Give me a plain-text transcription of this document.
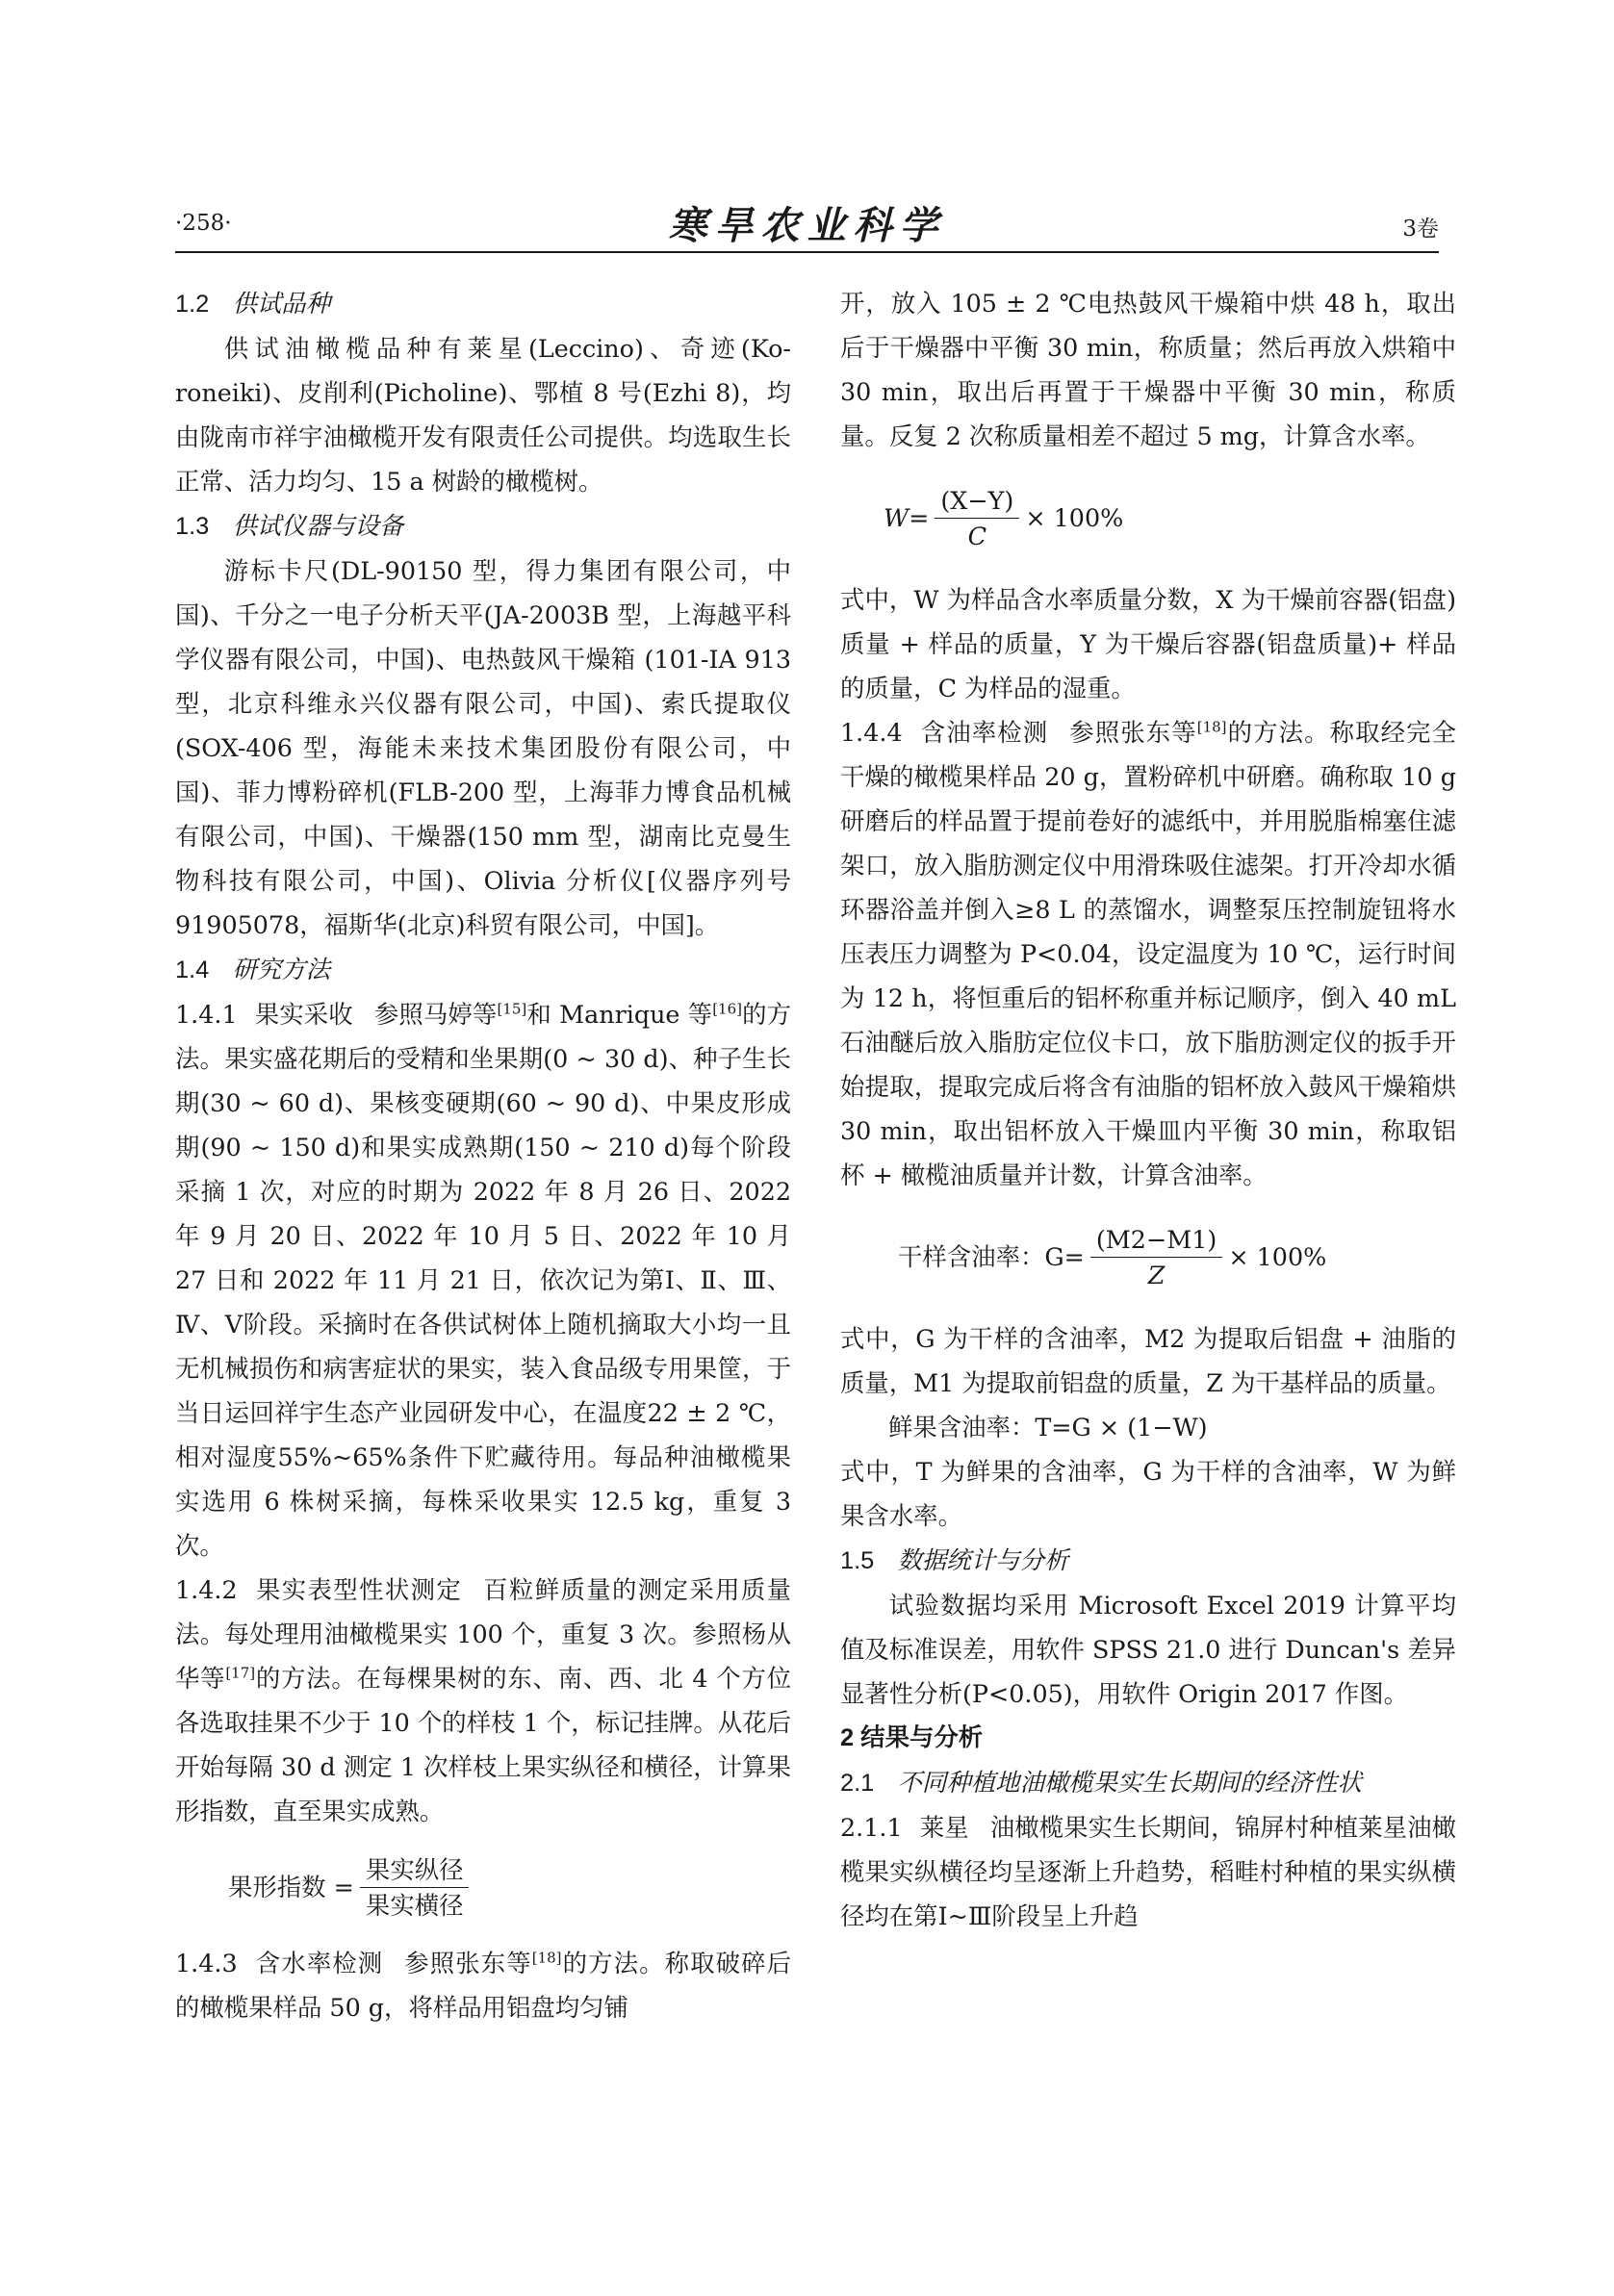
·258·	寒旱农业科学	3卷

1.2 供试品种

供试油橄榄品种有莱星(Leccino)、奇迹(Ko-roneiki)、皮削利(Picholine)、鄂植 8 号(Ezhi 8)，均由陇南市祥宇油橄榄开发有限责任公司提供。均选取生长正常、活力均匀、15 a 树龄的橄榄树。

1.3 供试仪器与设备

游标卡尺(DL-90150 型，得力集团有限公司，中国)、千分之一电子分析天平(JA-2003B 型，上海越平科学仪器有限公司，中国)、电热鼓风干燥箱 (101-IA 913 型，北京科维永兴仪器有限公司，中国)、索氏提取仪(SOX-406 型，海能未来技术集团股份有限公司，中国)、菲力博粉碎机(FLB-200 型，上海菲力博食品机械有限公司，中国)、干燥器(150 mm 型，湖南比克曼生物科技有限公司，中国)、Olivia 分析仪[仪器序列号 91905078，福斯华(北京)科贸有限公司，中国]。

1.4 研究方法

1.4.1 果实采收 参照马婷等[15]和 Manrique 等[16]的方法。果实盛花期后的受精和坐果期(0 ~ 30 d)、种子生长期(30 ~ 60 d)、果核变硬期(60 ~ 90 d)、中果皮形成期(90 ~ 150 d)和果实成熟期(150 ~ 210 d)每个阶段采摘 1 次，对应的时期为 2022 年 8 月 26 日、2022 年 9 月 20 日、2022 年 10 月 5 日、2022 年 10 月 27 日和 2022 年 11 月 21 日，依次记为第Ⅰ、Ⅱ、Ⅲ、Ⅳ、Ⅴ阶段。采摘时在各供试树体上随机摘取大小均一且无机械损伤和病害症状的果实，装入食品级专用果筐，于当日运回祥宇生态产业园研发中心，在温度22 ± 2 ℃，相对湿度55%~65%条件下贮藏待用。每品种油橄榄果实选用 6 株树采摘，每株采收果实 12.5 kg，重复 3 次。

1.4.2 果实表型性状测定 百粒鲜质量的测定采用质量法。每处理用油橄榄果实 100 个，重复 3 次。参照杨从华等[17]的方法。在每棵果树的东、南、西、北 4 个方位各选取挂果不少于 10 个的样枝 1 个，标记挂牌。从花后开始每隔 30 d 测定 1 次样枝上果实纵径和横径，计算果形指数，直至果实成熟。

果形指数 = $\frac{\text{果实纵径}}{\text{果实横径}}$

1.4.3 含水率检测 参照张东等[18]的方法。称取破碎后的橄榄果样品 50 g，将样品用铝盘均匀铺

开，放入 105 ± 2 ℃电热鼓风干燥箱中烘 48 h，取出后于干燥器中平衡 30 min，称质量；然后再放入烘箱中 30 min，取出后再置于干燥器中平衡 30 min，称质量。反复 2 次称质量相差不超过 5 mg，计算含水率。

$W= \frac{(X-Y)}{C} \times 100\%$

式中，W 为样品含水率质量分数，X 为干燥前容器(铝盘)质量 + 样品的质量，Y 为干燥后容器(铝盘质量)+ 样品的质量，C 为样品的湿重。

1.4.4 含油率检测 参照张东等[18]的方法。称取经完全干燥的橄榄果样品 20 g，置粉碎机中研磨。确称取 10 g 研磨后的样品置于提前卷好的滤纸中，并用脱脂棉塞住滤架口，放入脂肪测定仪中用滑珠吸住滤架。打开冷却水循环器浴盖并倒入≥8 L 的蒸馏水，调整泵压控制旋钮将水压表压力调整为 P<0.04，设定温度为 10 ℃，运行时间为 12 h，将恒重后的铝杯称重并标记顺序，倒入 40 mL 石油醚后放入脂肪定位仪卡口，放下脂肪测定仪的扳手开始提取，提取完成后将含有油脂的铝杯放入鼓风干燥箱烘 30 min，取出铝杯放入干燥皿内平衡 30 min，称取铝杯 + 橄榄油质量并计数，计算含油率。

干样含油率：$G= \frac{(M2-M1)}{Z} \times 100\%$

式中，G 为干样的含油率，M2 为提取后铝盘 + 油脂的质量，M1 为提取前铝盘的质量，Z 为干基样品的质量。

鲜果含油率：T=G × (1−W)

式中，T 为鲜果的含油率，G 为干样的含油率，W 为鲜果含水率。

1.5 数据统计与分析

试验数据均采用 Microsoft Excel 2019 计算平均值及标准误差，用软件 SPSS 21.0 进行 Duncan's 差异显著性分析(P<0.05)，用软件 Origin 2017 作图。

2 结果与分析

2.1 不同种植地油橄榄果实生长期间的经济性状

2.1.1 莱星 油橄榄果实生长期间，锦屏村种植莱星油橄榄果实纵横径均呈逐渐上升趋势，稻畦村种植的果实纵横径均在第Ⅰ~Ⅲ阶段呈上升趋
